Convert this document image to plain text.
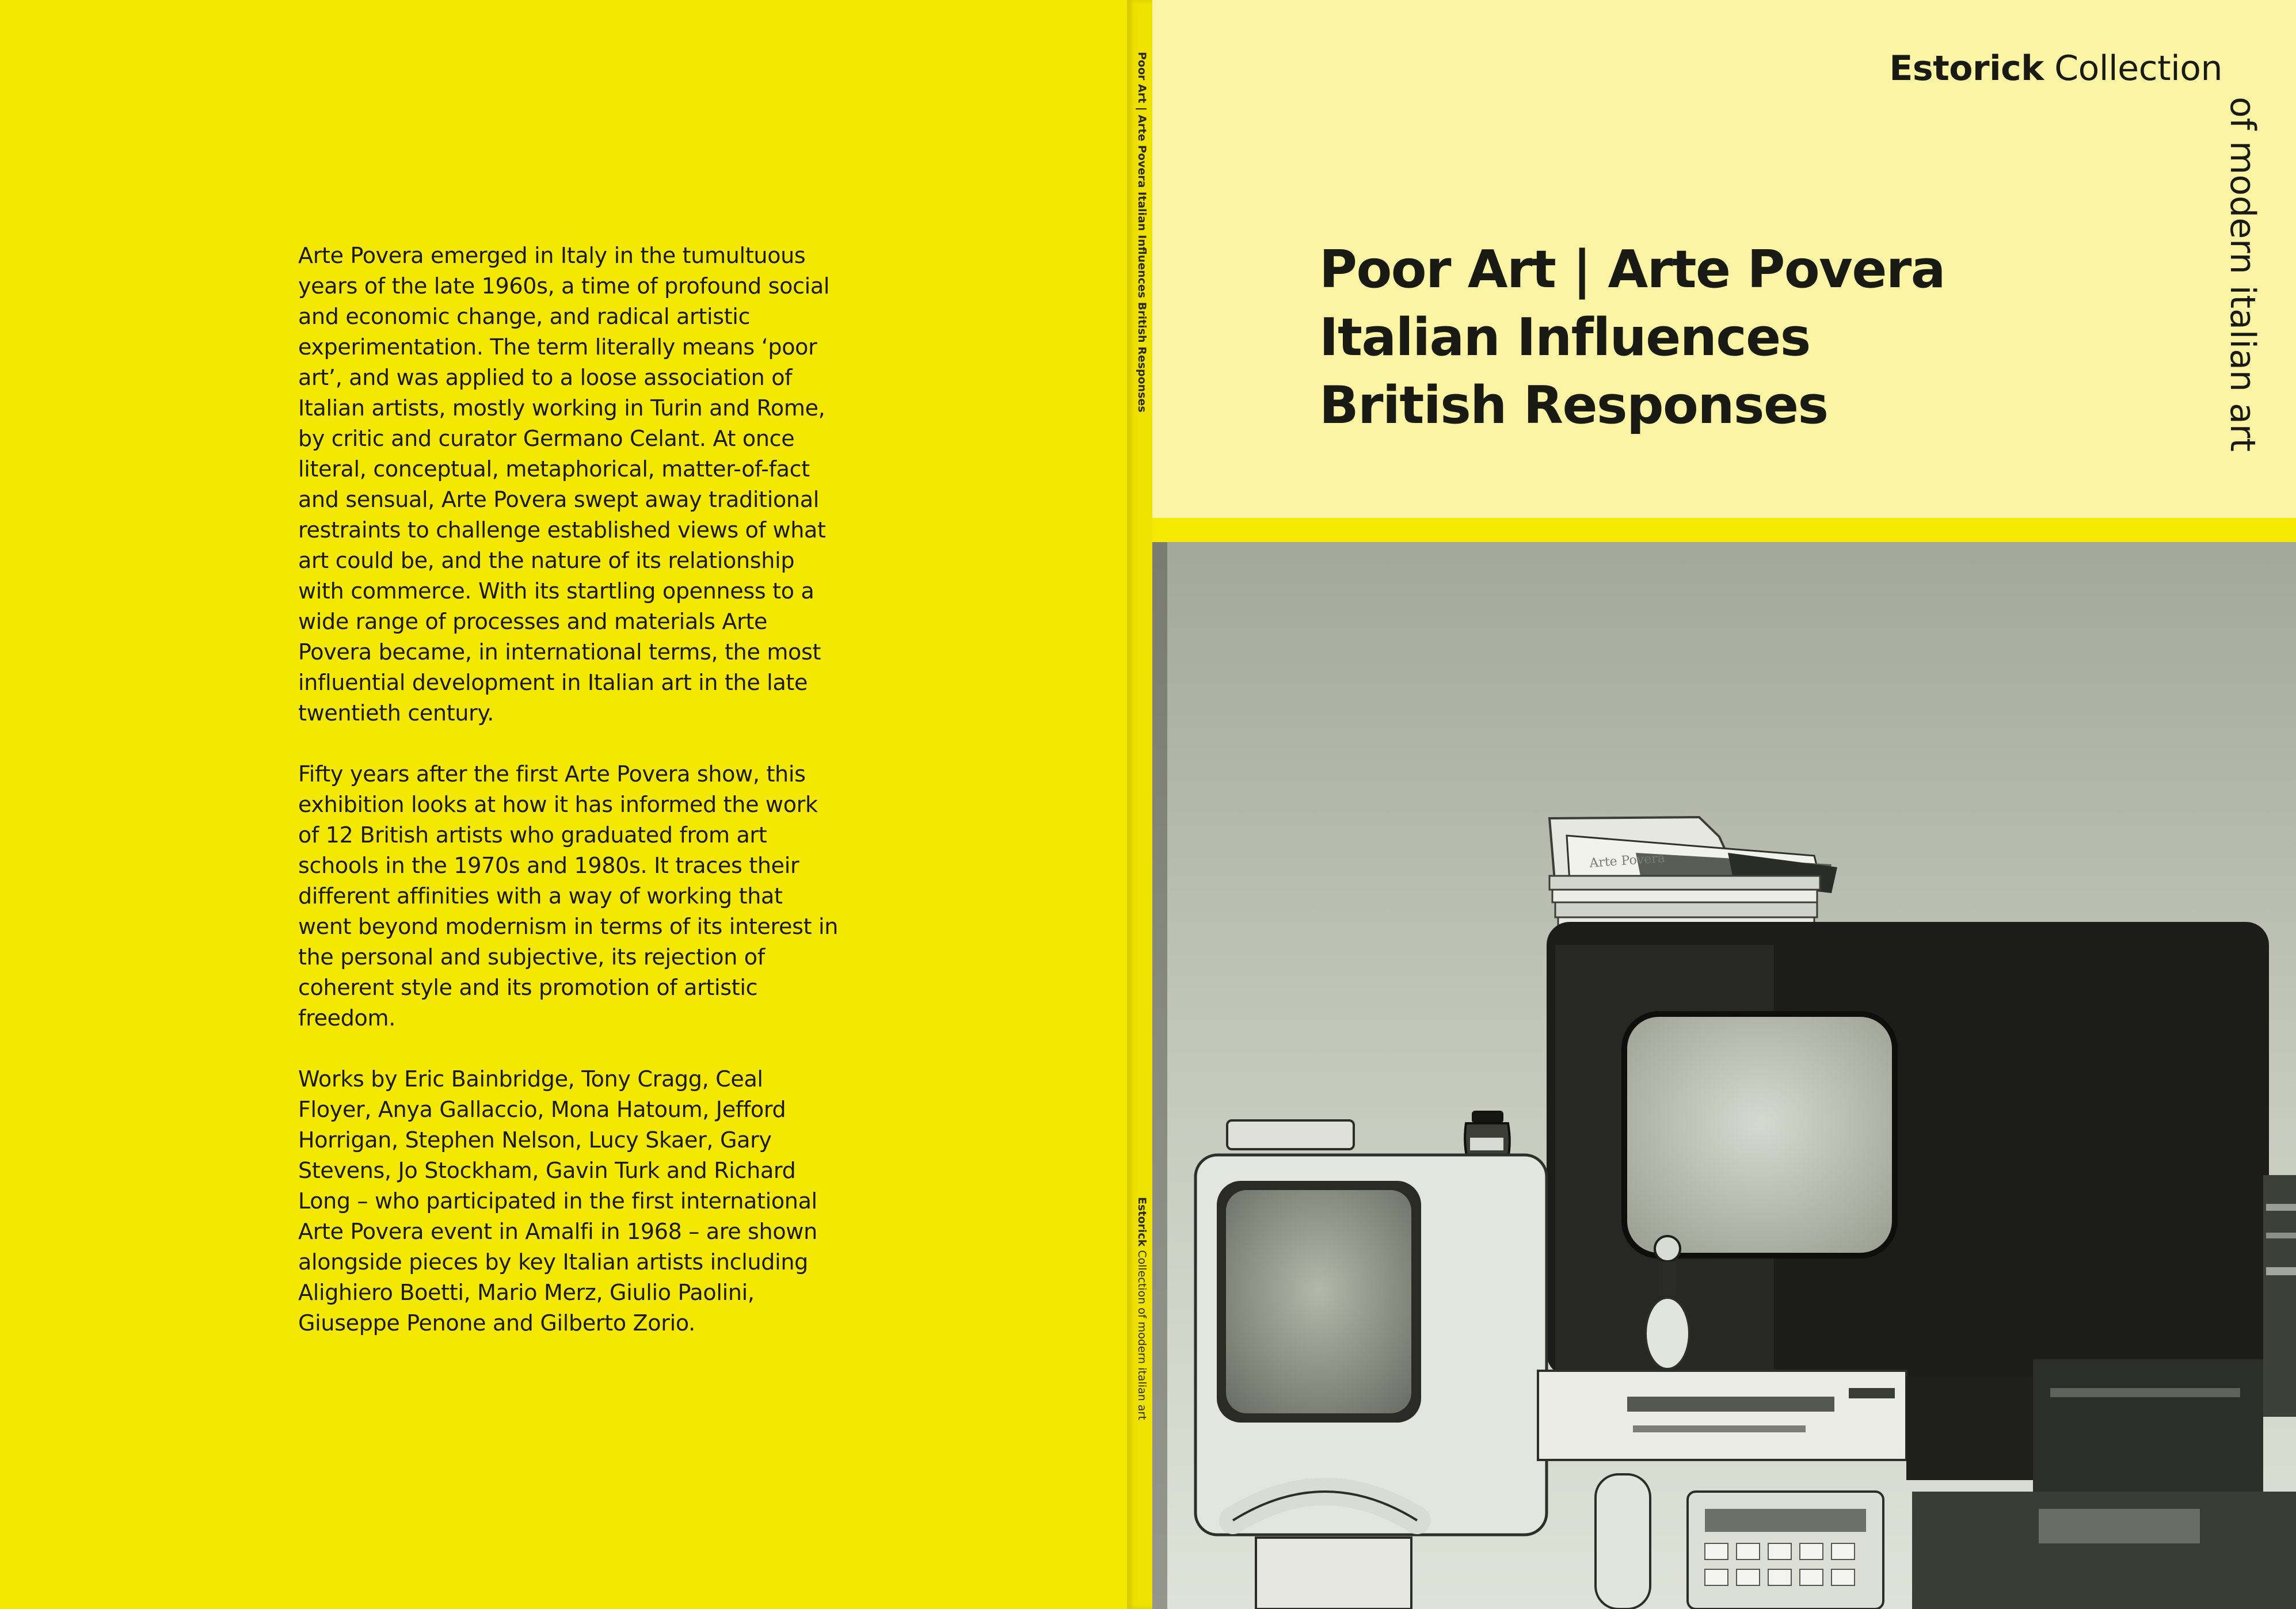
Arte Povera emerged in Italy in the tumultuous years of the late 1960s, a time of profound social and economic change, and radical artistic experimentation. The term literally means ‘poor art’, and was applied to a loose association of Italian artists, mostly working in Turin and Rome, by critic and curator Germano Celant. At once literal, conceptual, metaphorical, matter-of-fact and sensual, Arte Povera swept away traditional restraints to challenge established views of what art could be, and the nature of its relationship with commerce. With its startling openness to a wide range of processes and materials Arte Povera became, in international terms, the most influential development in Italian art in the late twentieth century.

Fifty years after the first Arte Povera show, this exhibition looks at how it has informed the work of 12 British artists who graduated from art schools in the 1970s and 1980s. It traces their different affinities with a way of working that went beyond modernism in terms of its interest in the personal and subjective, its rejection of coherent style and its promotion of artistic freedom.

Works by Eric Bainbridge, Tony Cragg, Ceal Floyer, Anya Gallaccio, Mona Hatoum, Jefford Horrigan, Stephen Nelson, Lucy Skaer, Gary Stevens, Jo Stockham, Gavin Turk and Richard Long – who participated in the first international Arte Povera event in Amalfi in 1968 – are shown alongside pieces by key Italian artists including Alighiero Boetti, Mario Merz, Giulio Paolini, Giuseppe Penone and Gilberto Zorio.

Poor Art | Arte Povera Italian Influences British Responses
Estorick Collection of modern italian art
Estorick Collection
of modern italian art
Poor Art | Arte Povera
Italian Influences
British Responses
Arte Povera
